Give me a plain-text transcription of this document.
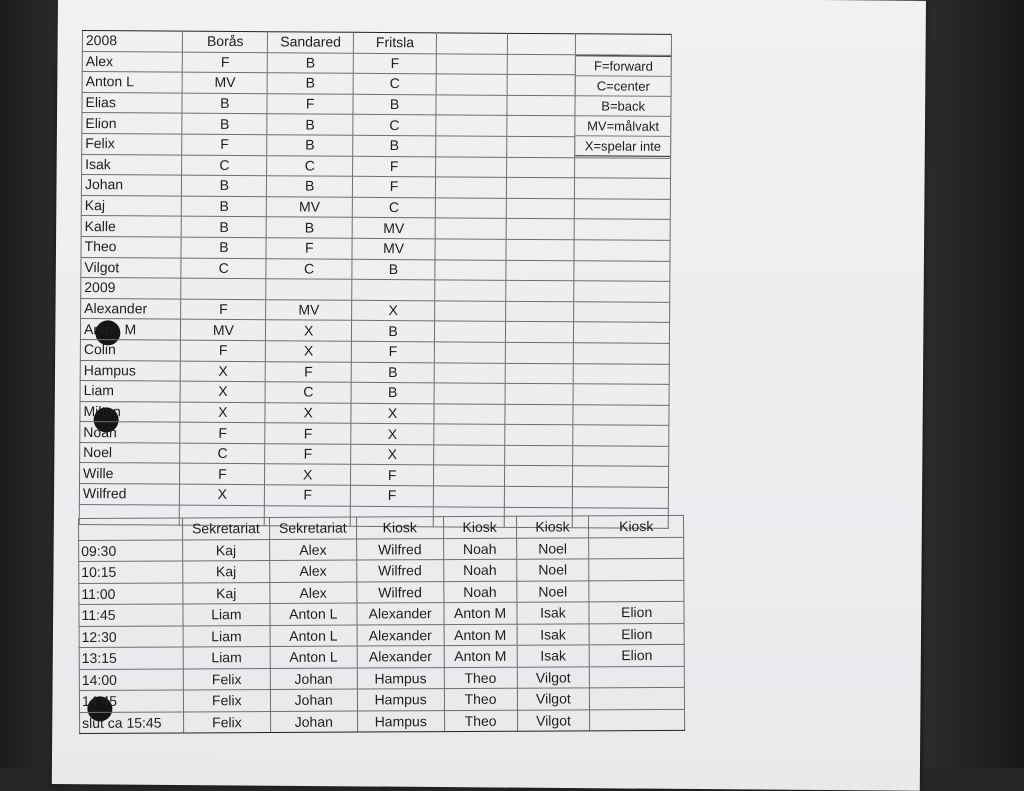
2008	Borås	Sandared	Fritsla			
Alex	F	B	F			F=forward
C=center
B=back
MV=målvakt
X=spelar inte

Anton L	MV	B	C			
Elias	B	F	B			
Elion	B	B	C			
Felix	F	B	B			
Isak	C	C	F			
Johan	B	B	F			
Kaj	B	MV	C			
Kalle	B	B	MV			
Theo	B	F	MV			
Vilgot	C	C	B			
2009						
Alexander	F	MV	X			
Anton M	MV	X	B			
Colin	F	X	F			
Hampus	X	F	B			
Liam	X	C	B			
Milton	X	X	X			
Noah	F	F	X			
Noel	C	F	X			
Wille	F	X	F			
Wilfred	X	F	F			

	Sekretariat	Sekretariat	Kiosk	Kiosk	Kiosk	Kiosk
09:30	Kaj	Alex	Wilfred	Noah	Noel	
10:15	Kaj	Alex	Wilfred	Noah	Noel	
11:00	Kaj	Alex	Wilfred	Noah	Noel	
11:45	Liam	Anton L	Alexander	Anton M	Isak	Elion
12:30	Liam	Anton L	Alexander	Anton M	Isak	Elion
13:15	Liam	Anton L	Alexander	Anton M	Isak	Elion
14:00	Felix	Johan	Hampus	Theo	Vilgot	
14:45	Felix	Johan	Hampus	Theo	Vilgot	
slut ca 15:45	Felix	Johan	Hampus	Theo	Vilgot	
